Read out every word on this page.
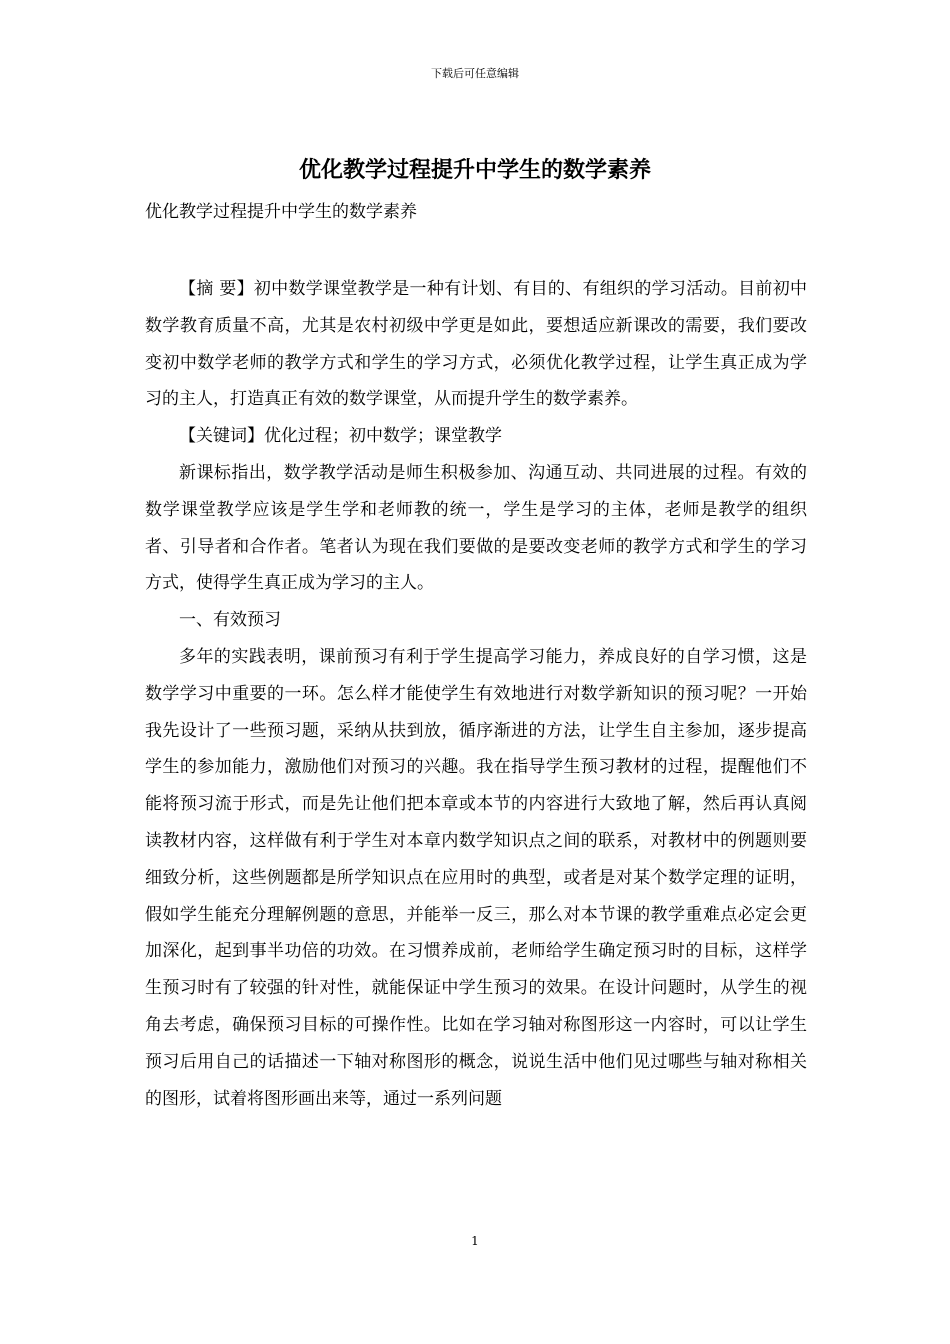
下载后可任意编辑
优化教学过程提升中学生的数学素养
优化教学过程提升中学生的数学素养

【摘 要】初中数学课堂教学是一种有计划、有目的、有组织的学习活动。目前初中数学教育质量不高，尤其是农村初级中学更是如此，要想适应新课改的需要，我们要改变初中数学老师的教学方式和学生的学习方式，必须优化教学过程，让学生真正成为学习的主人，打造真正有效的数学课堂，从而提升学生的数学素养。

【关键词】优化过程；初中数学；课堂教学

新课标指出，数学教学活动是师生积极参加、沟通互动、共同进展的过程。有效的数学课堂教学应该是学生学和老师教的统一，学生是学习的主体，老师是教学的组织者、引导者和合作者。笔者认为现在我们要做的是要改变老师的教学方式和学生的学习方式，使得学生真正成为学习的主人。

一、有效预习

多年的实践表明，课前预习有利于学生提高学习能力，养成良好的自学习惯，这是数学学习中重要的一环。怎么样才能使学生有效地进行对数学新知识的预习呢？一开始我先设计了一些预习题，采纳从扶到放，循序渐进的方法，让学生自主参加，逐步提高学生的参加能力，激励他们对预习的兴趣。我在指导学生预习教材的过程，提醒他们不能将预习流于形式，而是先让他们把本章或本节的内容进行大致地了解，然后再认真阅读教材内容，这样做有利于学生对本章内数学知识点之间的联系，对教材中的例题则要细致分析，这些例题都是所学知识点在应用时的典型，或者是对某个数学定理的证明，假如学生能充分理解例题的意思，并能举一反三，那么对本节课的教学重难点必定会更加深化，起到事半功倍的功效。在习惯养成前，老师给学生确定预习时的目标，这样学生预习时有了较强的针对性，就能保证中学生预习的效果。在设计问题时，从学生的视角去考虑，确保预习目标的可操作性。比如在学习轴对称图形这一内容时，可以让学生预习后用自己的话描述一下轴对称图形的概念，说说生活中他们见过哪些与轴对称相关的图形，试着将图形画出来等，通过一系列问题

1
